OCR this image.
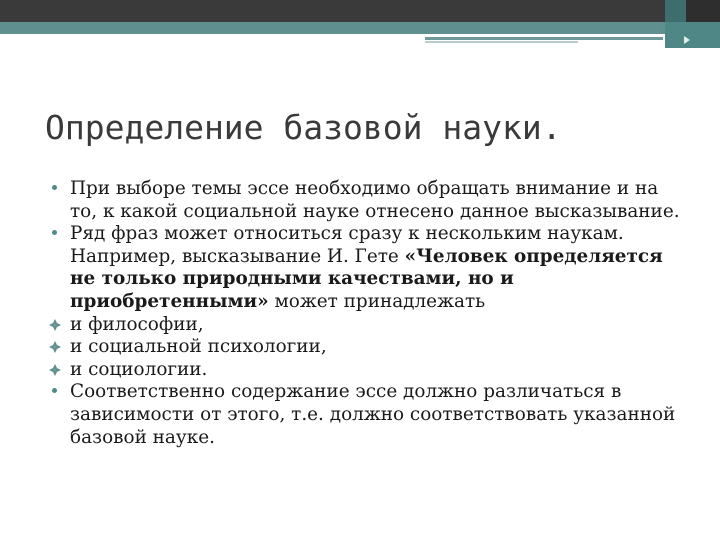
Определение базовой науки.
При выборе темы эссе необходимо обращать внимание и на то, к какой социальной науке отнесено данное высказывание.
Ряд фраз может относиться сразу к нескольким наукам. Например, высказывание И. Гете «Человек определяется не только природными качествами, но и приобретенными» может принадлежать
и философии,
и социальной психологии,
и социологии.
Соответственно содержание эссе должно различаться в зависимости от этого, т.е. должно соответствовать указанной базовой науке.
